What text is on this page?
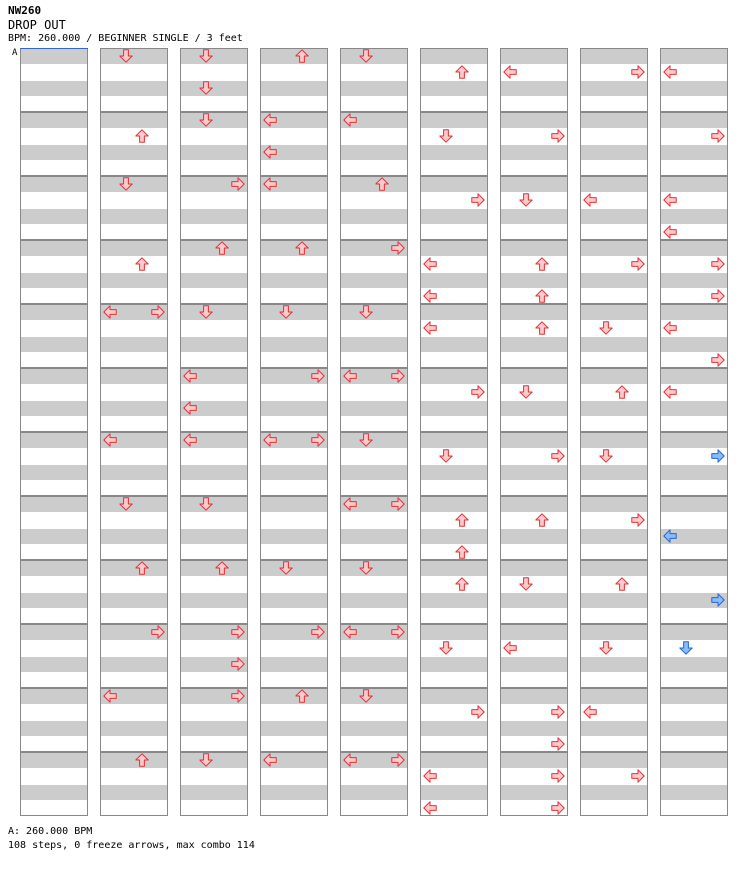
NW260
DROP OUT
BPM: 260.000 / BEGINNER SINGLE / 3 feet
A
A: 260.000 BPM
108 steps, 0 freeze arrows, max combo 114
